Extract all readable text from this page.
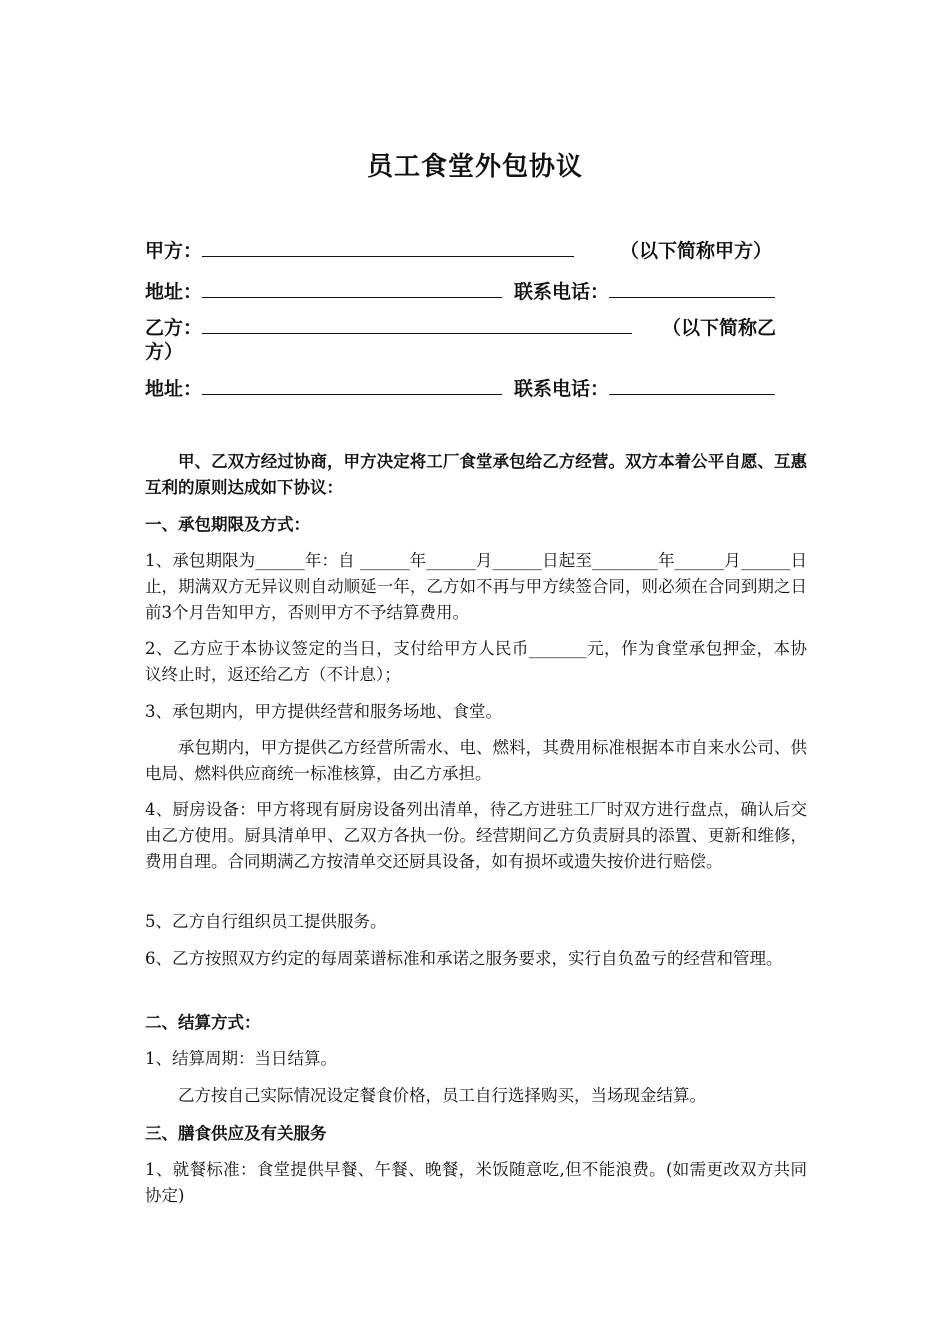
员工食堂外包协议
甲方：	（以下简称甲方）
地址：	联系电话：
乙方：	（以下简称乙
方）
地址：	联系电话：
甲、乙双方经过协商，甲方决定将工厂食堂承包给乙方经营。双方本着公平自愿、互惠互利的原则达成如下协议：
一、承包期限及方式：
1、承包期限为______年：自 ______年______月______日起至________年______月______日止，期满双方无异议则自动顺延一年，乙方如不再与甲方续签合同，则必须在合同到期之日前3个月告知甲方，否则甲方不予结算费用。
2、乙方应于本协议签定的当日，支付给甲方人民币_______元，作为食堂承包押金，本协议终止时，返还给乙方（不计息）；
3、承包期内，甲方提供经营和服务场地、食堂。
承包期内，甲方提供乙方经营所需水、电、燃料，其费用标准根据本市自来水公司、供电局、燃料供应商统一标准核算，由乙方承担。
4、厨房设备：甲方将现有厨房设备列出清单，待乙方进驻工厂时双方进行盘点，确认后交由乙方使用。厨具清单甲、乙双方各执一份。经营期间乙方负责厨具的添置、更新和维修，费用自理。合同期满乙方按清单交还厨具设备，如有损坏或遗失按价进行赔偿。
5、乙方自行组织员工提供服务。
6、乙方按照双方约定的每周菜谱标准和承诺之服务要求，实行自负盈亏的经营和管理。
二、结算方式：
1、结算周期：当日结算。
乙方按自己实际情况设定餐食价格，员工自行选择购买，当场现金结算。
三、膳食供应及有关服务
1、就餐标准：食堂提供早餐、午餐、晚餐，米饭随意吃,但不能浪费。(如需更改双方共同协定)
